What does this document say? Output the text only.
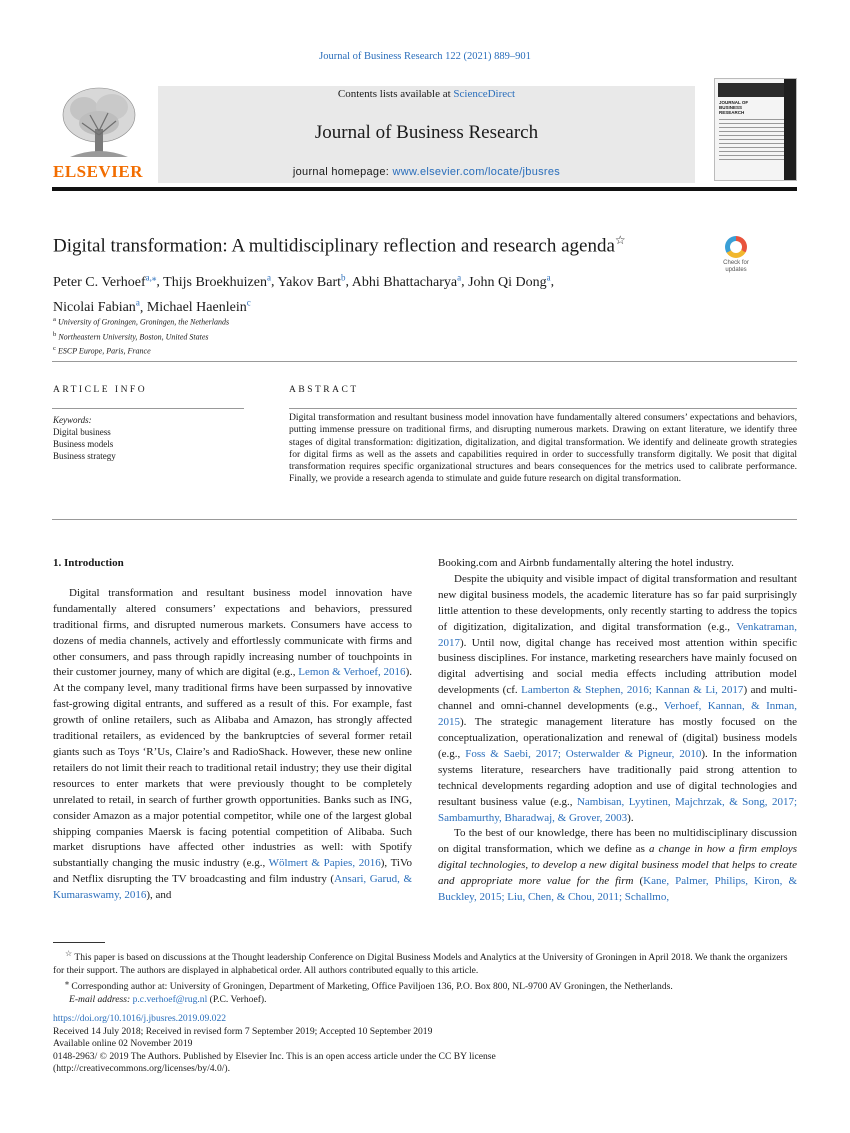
Journal of Business Research 122 (2021) 889–901
ELSEVIER
Contents lists available at ScienceDirect
Journal of Business Research
journal homepage: www.elsevier.com/locate/jbusres
JOURNAL OF BUSINESS RESEARCH
Digital transformation: A multidisciplinary reflection and research agenda☆
Check for updates
Peter C. Verhoef$^{a,⁎}$, Thijs Broekhuizen$^a$, Yakov Bart$^b$, Abhi Bhattacharya$^a$, John Qi Dong$^a$,
Nicolai Fabian$^a$, Michael Haenlein$^c$
$^a$ University of Groningen, Groningen, the Netherlands
$^b$ Northeastern University, Boston, United States
$^c$ ESCP Europe, Paris, France
ARTICLE INFO	ABSTRACT
Keywords:
Digital business
Business models
Business strategy
Digital transformation and resultant business model innovation have fundamentally altered consumers’ expectations and behaviors, putting immense pressure on traditional firms, and disrupting numerous markets. Drawing on extant literature, we identify three stages of digital transformation: digitization, digitalization, and digital transformation. We identify and delineate growth strategies for digital firms as well as the assets and capabilities required in order to successfully transform digitally. We posit that digital transformation requires specific organizational structures and bears consequences for the metrics used to calibrate performance. Finally, we provide a research agenda to stimulate and guide future research on digital transformation.
1. Introduction

Digital transformation and resultant business model innovation have fundamentally altered consumers’ expectations and behaviors, pressured traditional firms, and disrupted numerous markets. Consumers have access to dozens of media channels, actively and effortlessly communicate with firms and other consumers, and pass through rapidly increasing number of touchpoints in their customer journey, many of which are digital (e.g., Lemon & Verhoef, 2016). At the company level, many traditional firms have been surpassed by innovative fast-growing digital entrants, and suffered as a result of this. For example, fast growth of online retailers, such as Alibaba and Amazon, has strongly affected traditional retailers, as evidenced by the bankruptcies of several former retail giants such as Toys ‘R’Us, Claire’s and RadioShack. However, these new online retailers do not limit their reach to traditional retail industry; they use their digital resources to enter markets that were previously thought to be completely unrelated to retail, in search of further growth opportunities. Banks such as ING, consider Amazon as a major potential competitor, while one of the largest global shipping companies Maersk is facing potential competition of Alibaba. Such market disruptions have affected other industries as well: with Spotify substantially changing the music industry (e.g., Wölmert & Papies, 2016), TiVo and Netflix disrupting the TV broadcasting and film industry (Ansari, Garud, & Kumaraswamy, 2016), and

Booking.com and Airbnb fundamentally altering the hotel industry.

Despite the ubiquity and visible impact of digital transformation and resultant new digital business models, the academic literature has so far paid surprisingly little attention to these developments, only recently starting to address the topics of digitization, digitalization, and digital transformation (e.g., Venkatraman, 2017). Until now, digital change has received most attention within specific business disciplines. For instance, marketing researchers have mainly focused on digital advertising and social media effects including attribution model developments (cf. Lamberton & Stephen, 2016; Kannan & Li, 2017) and multi-channel and omni-channel developments (e.g., Verhoef, Kannan, & Inman, 2015). The strategic management literature has mostly focused on the conceptualization, operationalization and renewal of (digital) business models (e.g., Foss & Saebi, 2017; Osterwalder & Pigneur, 2010). In the information systems literature, researchers have traditionally paid strong attention to technical developments regarding adoption and use of digital technologies and resultant business value (e.g., Nambisan, Lyytinen, Majchrzak, & Song, 2017; Sambamurthy, Bharadwaj, & Grover, 2003).

To the best of our knowledge, there has been no multidisciplinary discussion on digital transformation, which we define as a change in how a firm employs digital technologies, to develop a new digital business model that helps to create and appropriate more value for the firm (Kane, Palmer, Philips, Kiron, & Buckley, 2015; Liu, Chen, & Chou, 2011; Schallmo,

☆ This paper is based on discussions at the Thought leadership Conference on Digital Business Models and Analytics at the University of Groningen in April 2018. We thank the organizers for their support. The authors are displayed in alphabetical order. All authors contributed equally to this article.
⁎ Corresponding author at: University of Groningen, Department of Marketing, Office Paviljoen 136, P.O. Box 800, NL-9700 AV Groningen, the Netherlands.
E-mail address: p.c.verhoef@rug.nl (P.C. Verhoef).
https://doi.org/10.1016/j.jbusres.2019.09.022
Received 14 July 2018; Received in revised form 7 September 2019; Accepted 10 September 2019
Available online 02 November 2019
0148-2963/ © 2019 The Authors. Published by Elsevier Inc. This is an open access article under the CC BY license
(http://creativecommons.org/licenses/by/4.0/).
